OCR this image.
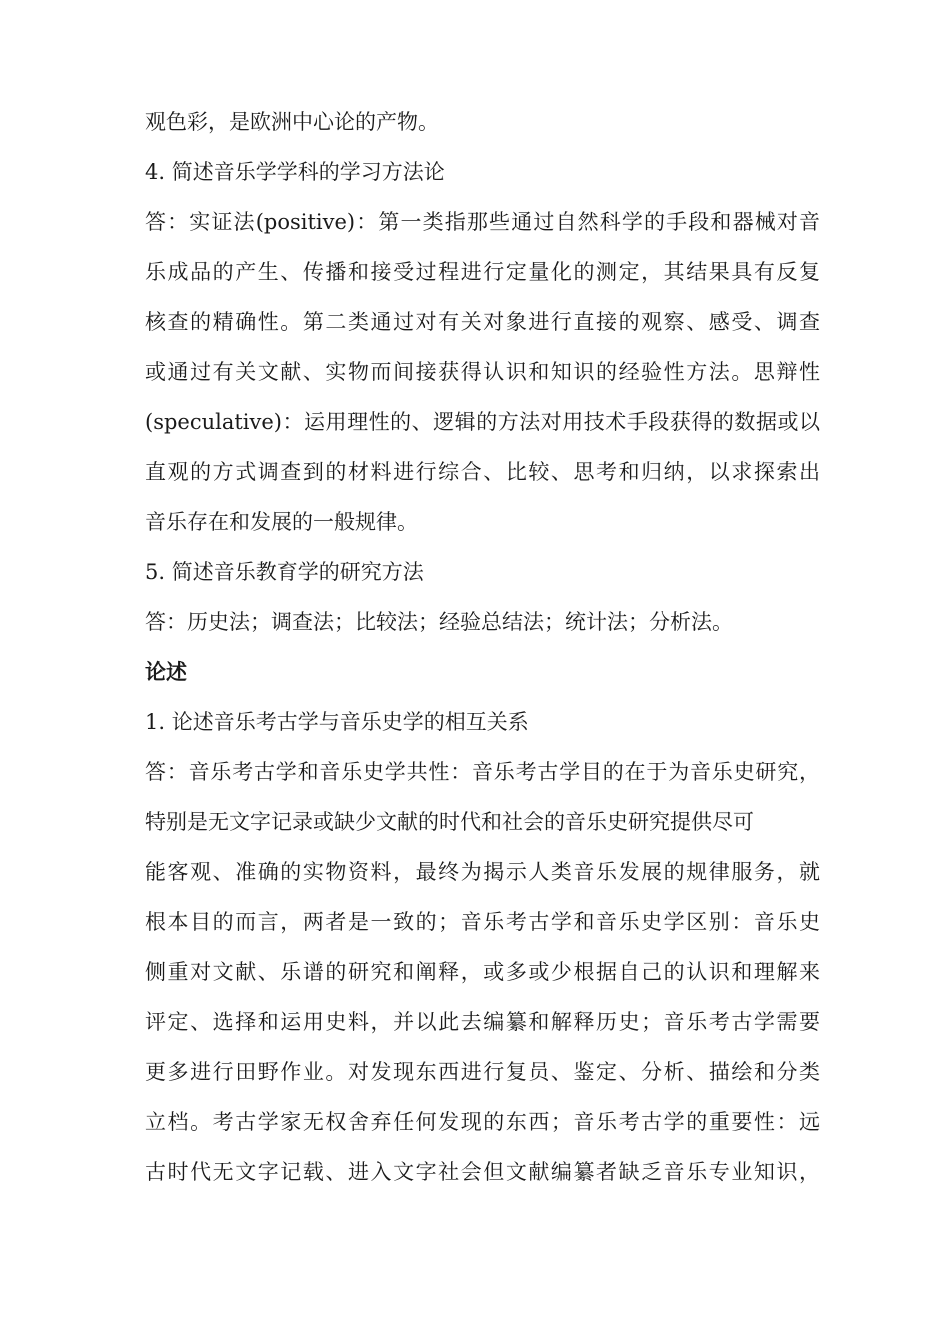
观色彩，是欧洲中心论的产物。
4. 简述音乐学学科的学习方法论
答：实证法(positive)：第一类指那些通过自然科学的手段和器械对音
乐成品的产生、传播和接受过程进行定量化的测定，其结果具有反复
核查的精确性。第二类通过对有关对象进行直接的观察、感受、调查
或通过有关文献、实物而间接获得认识和知识的经验性方法。思辩性
(speculative)：运用理性的、逻辑的方法对用技术手段获得的数据或以
直观的方式调查到的材料进行综合、比较、思考和归纳，以求探索出
音乐存在和发展的一般规律。
5. 简述音乐教育学的研究方法
答：历史法；调查法；比较法；经验总结法；统计法；分析法。
论述
1. 论述音乐考古学与音乐史学的相互关系
答：音乐考古学和音乐史学共性：音乐考古学目的在于为音乐史研究，
特别是无文字记录或缺少文献的时代和社会的音乐史研究提供尽可
能客观、准确的实物资料，最终为揭示人类音乐发展的规律服务，就
根本目的而言，两者是一致的；音乐考古学和音乐史学区别：音乐史
侧重对文献、乐谱的研究和阐释，或多或少根据自己的认识和理解来
评定、选择和运用史料，并以此去编纂和解释历史；音乐考古学需要
更多进行田野作业。对发现东西进行复员、鉴定、分析、描绘和分类
立档。考古学家无权舍弃任何发现的东西；音乐考古学的重要性：远
古时代无文字记载、进入文字社会但文献编纂者缺乏音乐专业知识，
